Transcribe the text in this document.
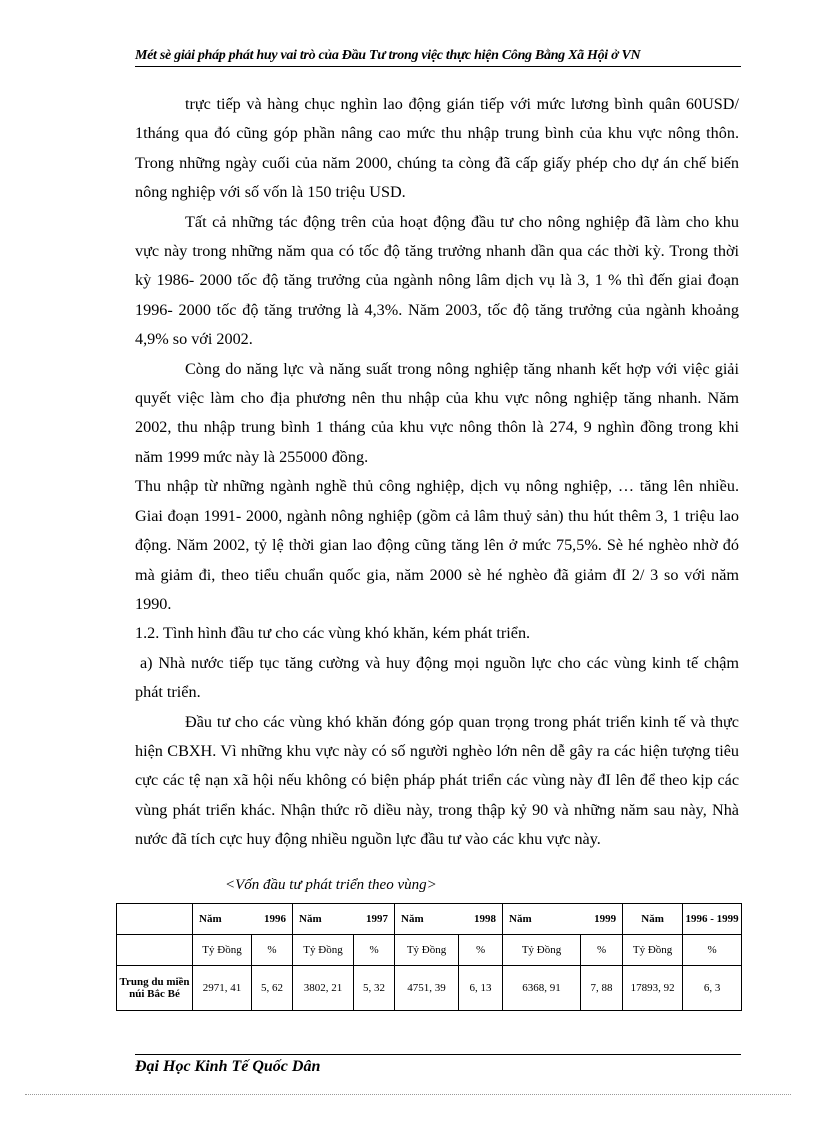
Mét sè giải pháp phát huy vai trò của Đầu Tư trong việc thực hiện Công Bằng Xã Hội ở VN

trực tiếp và hàng chục nghìn lao động gián tiếp với mức lương bình quân 60USD/ 1tháng qua đó cũng góp phần nâng cao mức thu nhập trung bình của khu vực nông thôn. Trong những ngày cuối của năm 2000, chúng ta còng đã cấp giấy phép cho dự án chế biến nông nghiệp với số vốn là 150 triệu USD.

Tất cả những tác động trên của hoạt động đầu tư cho nông nghiệp đã làm cho khu vực này trong những năm qua có tốc độ tăng trưởng nhanh dần qua các thời kỳ. Trong thời kỳ 1986- 2000 tốc độ tăng trưởng của ngành nông lâm dịch vụ là 3, 1 % thì đến giai đoạn 1996- 2000 tốc độ tăng trưởng là 4,3%. Năm 2003, tốc độ tăng trưởng của ngành khoảng 4,9% so với 2002.

Còng do năng lực và năng suất trong nông nghiệp tăng nhanh kết hợp với việc giải quyết việc làm cho địa phương nên thu nhập của khu vực nông nghiệp tăng nhanh. Năm 2002, thu nhập trung bình 1 tháng của khu vực nông thôn là 274, 9 nghìn đồng trong khi năm 1999 mức này là 255000 đồng.

Thu nhập từ những ngành nghề thủ công nghiệp, dịch vụ nông nghiệp, … tăng lên nhiều. Giai đoạn 1991- 2000, ngành nông nghiệp (gồm cả lâm thuỷ sản) thu hút thêm 3, 1 triệu lao động. Năm 2002, tỷ lệ thời gian lao động cũng tăng lên ở mức 75,5%. Sè hé nghèo nhờ đó mà giảm đi, theo tiểu chuẩn quốc gia, năm 2000 sè hé nghèo đã giảm đI 2/ 3 so với năm 1990.

1.2. Tình hình đầu tư cho các vùng khó khăn, kém phát triển.

a) Nhà nước tiếp tục tăng cường và huy động mọi nguồn lực cho các vùng kinh tế chậm phát triển.

Đầu tư cho các vùng khó khăn đóng góp quan trọng trong phát triển kinh tế và thực hiện CBXH. Vì những khu vực này có số người nghèo lớn nên dễ gây ra các hiện tượng tiêu cực các tệ nạn xã hội nếu không có biện pháp phát triển các vùng này đI lên để theo kịp các vùng phát triển khác. Nhận thức rõ diều này, trong thập kỷ 90 và những năm sau này, Nhà nước đã tích cực huy động nhiều nguồn lực đầu tư vào các khu vực này.

<Vốn đầu tư phát triển theo vùng>

	Năm 1996		Năm 1997		Năm 1998		Năm 1999		Năm	1996 - 1999
	Tỷ Đồng	%	Tỷ Đồng	%	Tỷ Đồng	%	Tỷ Đồng	%	Tỷ Đồng	%
Trung du miền núi Bắc Bé	2971, 41	5, 62	3802, 21	5, 32	4751, 39	6, 13	6368, 91	7, 88	17893, 92	6, 3
Đại Học Kinh Tế Quốc Dân
